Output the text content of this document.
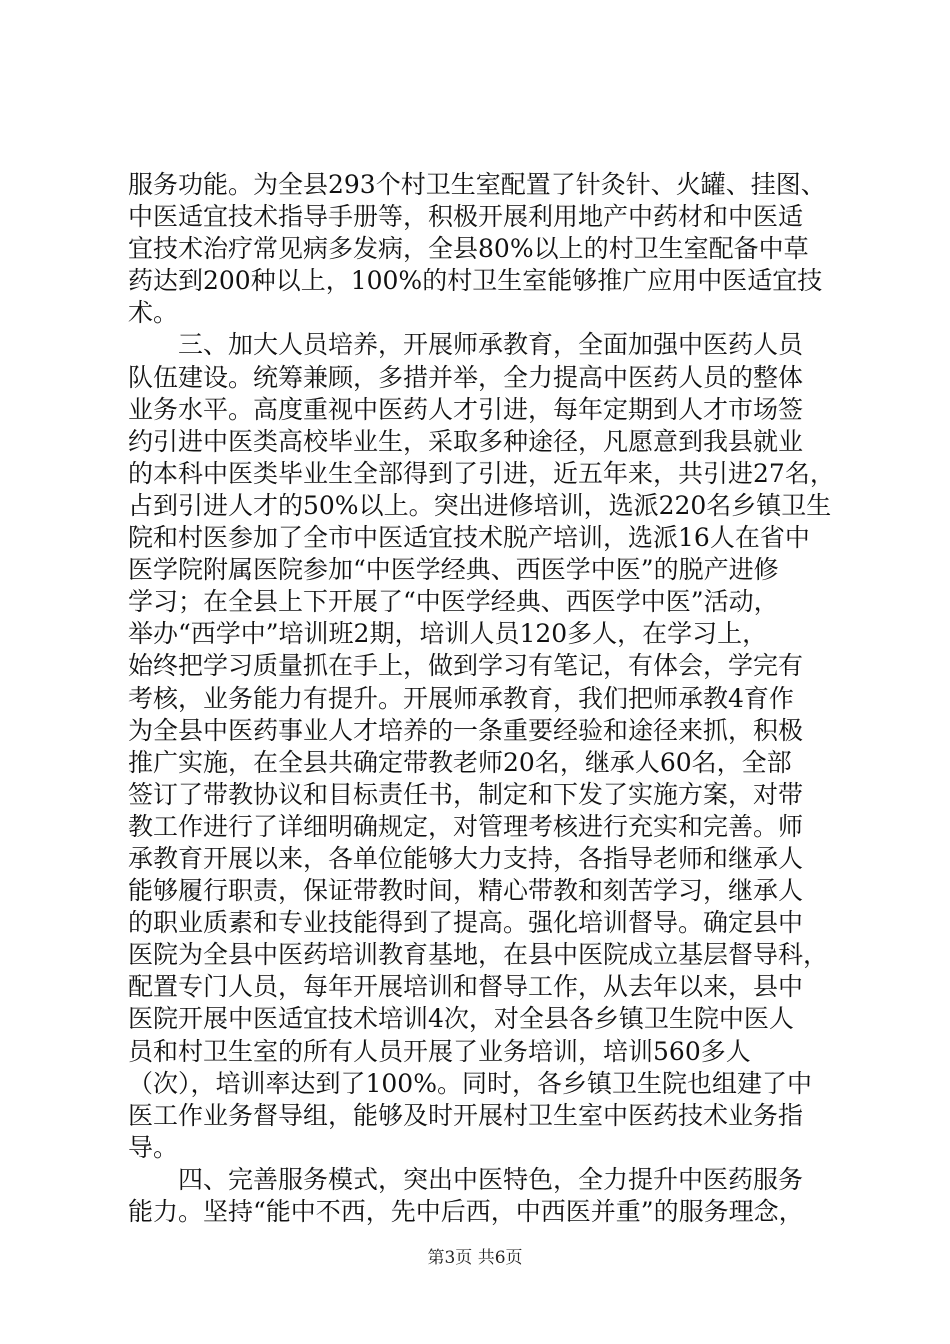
服务功能。为全县293个村卫生室配置了针灸针、火罐、挂图、
中医适宜技术指导手册等，积极开展利用地产中药材和中医适
宜技术治疗常见病多发病，全县80%以上的村卫生室配备中草
药达到200种以上，100%的村卫生室能够推广应用中医适宜技
术。
　　三、加大人员培养，开展师承教育，全面加强中医药人员
队伍建设。统筹兼顾，多措并举，全力提高中医药人员的整体
业务水平。高度重视中医药人才引进，每年定期到人才市场签
约引进中医类高校毕业生，采取多种途径，凡愿意到我县就业
的本科中医类毕业生全部得到了引进，近五年来，共引进27名，
占到引进人才的50%以上。突出进修培训，选派220名乡镇卫生
院和村医参加了全市中医适宜技术脱产培训，选派16人在省中
医学院附属医院参加“中医学经典、西医学中医”的脱产进修
学习；在全县上下开展了“中医学经典、西医学中医”活动，
举办“西学中”培训班2期，培训人员120多人，在学习上，
始终把学习质量抓在手上，做到学习有笔记，有体会，学完有
考核，业务能力有提升。开展师承教育，我们把师承教4育作
为全县中医药事业人才培养的一条重要经验和途径来抓，积极
推广实施，在全县共确定带教老师20名，继承人60名，全部
签订了带教协议和目标责任书，制定和下发了实施方案，对带
教工作进行了详细明确规定，对管理考核进行充实和完善。师
承教育开展以来，各单位能够大力支持，各指导老师和继承人
能够履行职责，保证带教时间，精心带教和刻苦学习，继承人
的职业质素和专业技能得到了提高。强化培训督导。确定县中
医院为全县中医药培训教育基地，在县中医院成立基层督导科，
配置专门人员，每年开展培训和督导工作，从去年以来，县中
医院开展中医适宜技术培训4次，对全县各乡镇卫生院中医人
员和村卫生室的所有人员开展了业务培训，培训560多人
（次），培训率达到了100%。同时，各乡镇卫生院也组建了中
医工作业务督导组，能够及时开展村卫生室中医药技术业务指
导。
　　四、完善服务模式，突出中医特色，全力提升中医药服务
能力。坚持“能中不西，先中后西，中西医并重”的服务理念，
第3页 共6页
